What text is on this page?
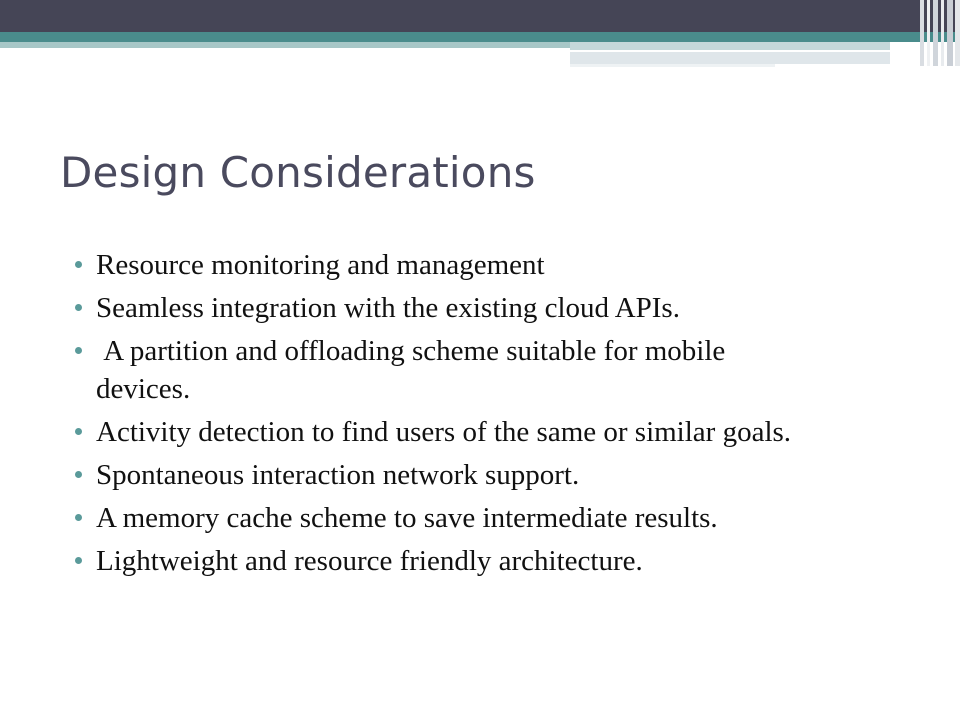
Design Considerations
Resource monitoring and management
Seamless integration with the existing cloud APIs.
A partition and offloading scheme suitable for mobile devices.
Activity detection to find users of the same or similar goals.
Spontaneous interaction network support.
A memory cache scheme to save intermediate results.
Lightweight and resource friendly architecture.
